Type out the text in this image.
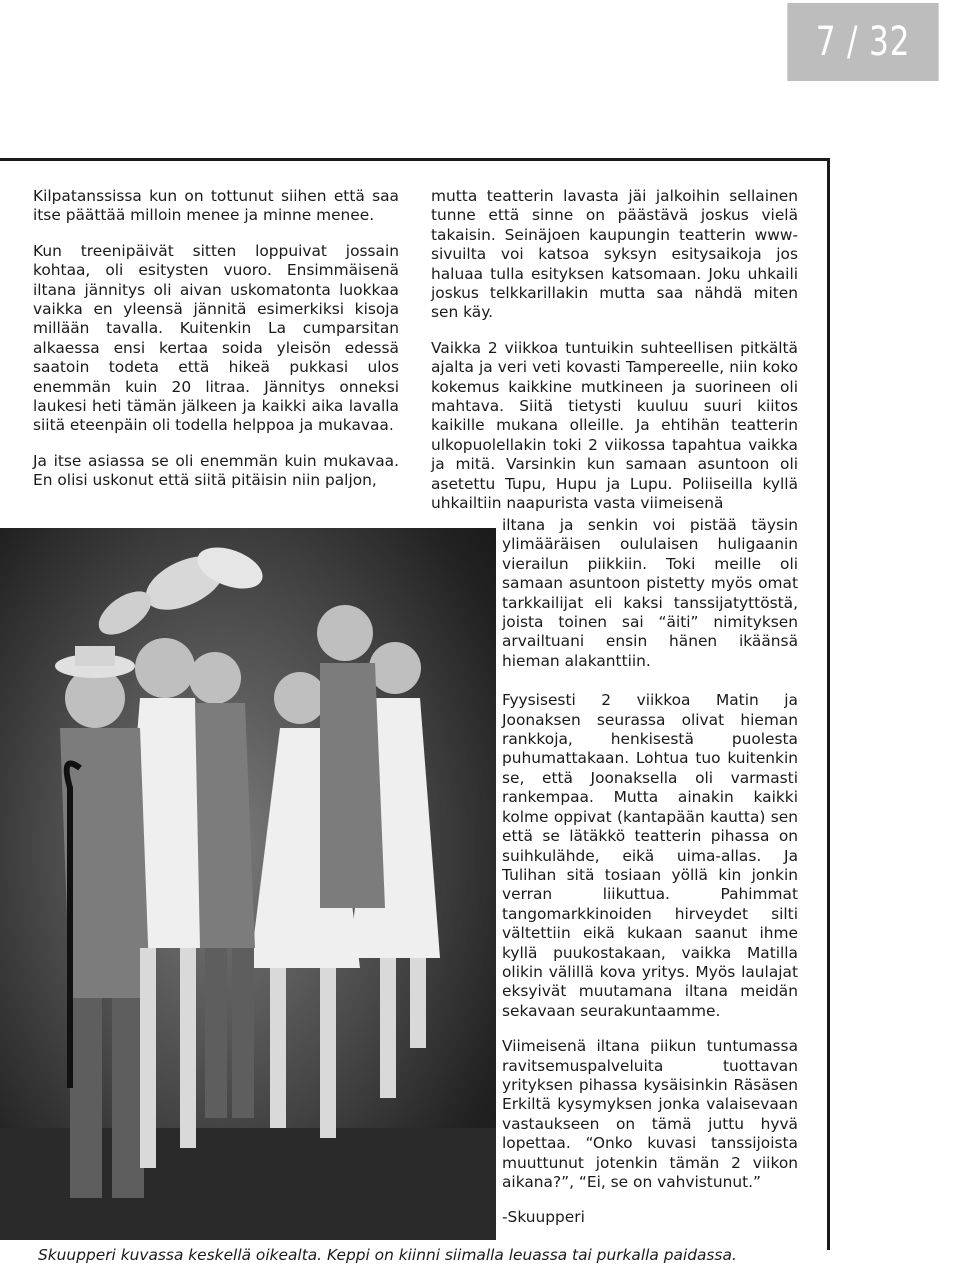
7 / 32

Kilpatanssissa kun on tottunut siihen että saa itse päättää milloin menee ja minne menee.

Kun treenipäivät sitten loppuivat jossain kohtaa, oli esitysten vuoro. Ensimmäisenä iltana jännitys oli aivan uskomatonta luokkaa vaikka en yleensä jännitä esimerkiksi kisoja millään tavalla. Kuitenkin La cumparsitan alkaessa ensi kertaa soida yleisön edessä saatoin todeta että hikeä pukkasi ulos enemmän kuin 20 litraa. Jännitys onneksi laukesi heti tämän jälkeen ja kaikki aika lavalla siitä eteenpäin oli todella helppoa ja mukavaa.

Ja itse asiassa se oli enemmän kuin mukavaa. En olisi uskonut että siitä pitäisin niin paljon,

mutta teatterin lavasta jäi jalkoihin sellainen tunne että sinne on päästävä joskus vielä takaisin. Seinäjoen kaupungin teatterin www-sivuilta voi katsoa syksyn esitysaikoja jos haluaa tulla esityksen katsomaan. Joku uhkaili joskus telkkarillakin mutta saa nähdä miten sen käy.

Vaikka 2 viikkoa tuntuikin suhteellisen pitkältä ajalta ja veri veti kovasti Tampereelle, niin koko kokemus kaikkine mutkineen ja suorineen oli mahtava. Siitä tietysti kuuluu suuri kiitos kaikille mukana olleille. Ja ehtihän teatterin ulkopuolellakin toki 2 viikossa tapahtua vaikka ja mitä. Varsinkin kun samaan asuntoon oli asetettu Tupu, Hupu ja Lupu. Poliiseilla kyllä uhkailtiin naapurista vasta viimeisenä

iltana ja senkin voi pistää täysin ylimääräisen oululaisen huligaanin vierailun piikkiin. Toki meille oli samaan asuntoon pistetty myös omat tarkkailijat eli kaksi tanssijatyttöstä, joista toinen sai “äiti” nimityksen arvailtuani ensin hänen ikäänsä hieman alakanttiin.

Fyysisesti 2 viikkoa Matin ja Joonaksen seurassa olivat hieman rankkoja, henkisestä puolesta puhumattakaan. Lohtua tuo kuitenkin se, että Joonaksella oli varmasti rankempaa. Mutta ainakin kaikki kolme oppivat (kantapään kautta) sen että se lätäkkö teatterin pihassa on suihkulähde, eikä uima-allas. Ja Tulihan sitä tosiaan yöllä kin jonkin verran liikuttua. Pahimmat tangomarkkinoiden hirveydet silti vältettiin eikä kukaan saanut ihme kyllä puukostakaan, vaikka Matilla olikin välillä kova yritys. Myös laulajat eksyivät muutamana iltana meidän sekavaan seurakuntaamme.

Viimeisenä iltana piikun tuntumassa ravitsemuspalveluita tuottavan yrityksen pihassa kysäisinkin Räsäsen Erkiltä kysymyksen jonka valaisevaan vastaukseen on tämä juttu hyvä lopettaa. “Onko kuvasi tanssijoista muuttunut jotenkin tämän 2 viikon aikana?”, “Ei, se on vahvistunut.”

-Skuupperi

Skuupperi kuvassa keskellä oikealta. Keppi on kiinni siimalla leuassa tai purkalla paidassa.
